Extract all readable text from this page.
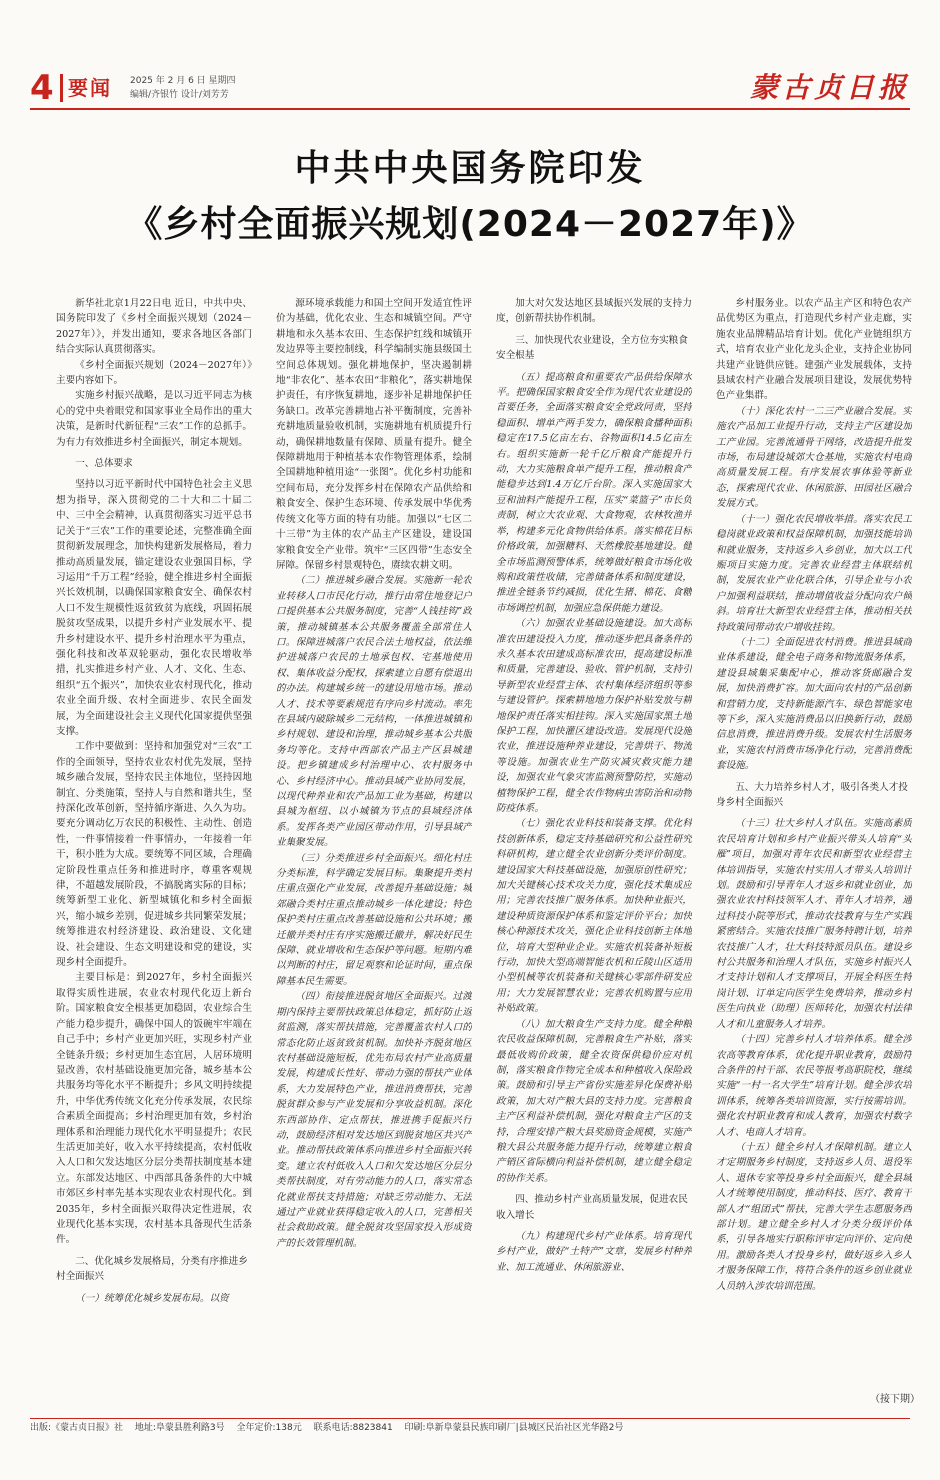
4 要闻 2025 年 2 月 6 日 星期四
编辑/齐银竹 设计/刘芳芳	蒙古贞日报
中共中央国务院印发
《乡村全面振兴规划(2024－2027年)》

新华社北京1月22日电 近日，中共中央、国务院印发了《乡村全面振兴规划（2024－2027年）》，并发出通知，要求各地区各部门结合实际认真贯彻落实。

《乡村全面振兴规划（2024－2027年）》主要内容如下。

实施乡村振兴战略，是以习近平同志为核心的党中央着眼党和国家事业全局作出的重大决策，是新时代新征程“三农”工作的总抓手。为有力有效推进乡村全面振兴，制定本规划。

一、总体要求

坚持以习近平新时代中国特色社会主义思想为指导，深入贯彻党的二十大和二十届二中、三中全会精神，认真贯彻落实习近平总书记关于“三农”工作的重要论述，完整准确全面贯彻新发展理念，加快构建新发展格局，着力推动高质量发展，锚定建设农业强国目标，学习运用“千万工程”经验，健全推进乡村全面振兴长效机制，以确保国家粮食安全、确保农村人口不发生规模性返贫致贫为底线，巩固拓展脱贫攻坚成果，以提升乡村产业发展水平、提升乡村建设水平、提升乡村治理水平为重点，强化科技和改革双轮驱动，强化农民增收举措，扎实推进乡村产业、人才、文化、生态、组织“五个振兴”，加快农业农村现代化，推动农业全面升级、农村全面进步、农民全面发展，为全面建设社会主义现代化国家提供坚强支撑。

工作中要做到：坚持和加强党对“三农”工作的全面领导，坚持农业农村优先发展，坚持城乡融合发展，坚持农民主体地位，坚持因地制宜、分类施策，坚持人与自然和谐共生，坚持深化改革创新，坚持循序渐进、久久为功。要充分调动亿万农民的积极性、主动性、创造性，一件事情接着一件事情办，一年接着一年干，积小胜为大成。要统筹不同区域，合理确定阶段性重点任务和推进时序，尊重客观规律，不超越发展阶段，不搞脱离实际的目标；统筹新型工业化、新型城镇化和乡村全面振兴，缩小城乡差别，促进城乡共同繁荣发展；统筹推进农村经济建设、政治建设、文化建设、社会建设、生态文明建设和党的建设，实现乡村全面提升。

主要目标是：到2027年，乡村全面振兴取得实质性进展，农业农村现代化迈上新台阶。国家粮食安全根基更加稳固，农业综合生产能力稳步提升，确保中国人的饭碗牢牢端在自己手中；乡村产业更加兴旺，实现乡村产业全链条升级；乡村更加生态宜居，人居环境明显改善，农村基础设施更加完备，城乡基本公共服务均等化水平不断提升；乡风文明持续提升，中华优秀传统文化充分传承发展，农民综合素质全面提高；乡村治理更加有效，乡村治理体系和治理能力现代化水平明显提升；农民生活更加美好，收入水平持续提高，农村低收入人口和欠发达地区分层分类帮扶制度基本建立。东部发达地区、中西部具备条件的大中城市郊区乡村率先基本实现农业农村现代化。到2035年，乡村全面振兴取得决定性进展，农业现代化基本实现，农村基本具备现代生活条件。

二、优化城乡发展格局，分类有序推进乡村全面振兴

（一）统筹优化城乡发展布局。以资

源环境承载能力和国土空间开发适宜性评价为基础，优化农业、生态和城镇空间。严守耕地和永久基本农田、生态保护红线和城镇开发边界等主要控制线，科学编制实施县级国土空间总体规划。强化耕地保护，坚决遏制耕地“非农化”、基本农田“非粮化”，落实耕地保护责任，有序恢复耕地，逐步补足耕地保护任务缺口。改革完善耕地占补平衡制度，完善补充耕地质量验收机制，实施耕地有机质提升行动，确保耕地数量有保障、质量有提升。健全保障耕地用于种植基本农作物管理体系，绘制全国耕地种植用途“一张图”。优化乡村功能和空间布局，充分发挥乡村在保障农产品供给和粮食安全、保护生态环境、传承发展中华优秀传统文化等方面的特有功能。加强以“七区二十三带”为主体的农产品主产区建设，建设国家粮食安全产业带。筑牢“三区四带”生态安全屏障。保留乡村景观特色，赓续农耕文明。

（二）推进城乡融合发展。实施新一轮农业转移人口市民化行动，推行由常住地登记户口提供基本公共服务制度，完善“人钱挂钩”政策，推动城镇基本公共服务覆盖全部常住人口。保障进城落户农民合法土地权益，依法维护进城落户农民的土地承包权、宅基地使用权、集体收益分配权，探索建立自愿有偿退出的办法。构建城乡统一的建设用地市场。推动人才、技术等要素规范有序向乡村流动。率先在县域内破除城乡二元结构，一体推进城镇和乡村规划、建设和治理，推动城乡基本公共服务均等化。支持中西部农产品主产区县城建设。把乡镇建成乡村治理中心、农村服务中心、乡村经济中心。推动县域产业协同发展，以现代种养业和农产品加工业为基础，构建以县城为枢纽、以小城镇为节点的县域经济体系。发挥各类产业园区带动作用，引导县域产业集聚发展。

（三）分类推进乡村全面振兴。细化村庄分类标准，科学确定发展目标。集聚提升类村庄重点强化产业发展，改善提升基础设施；城郊融合类村庄重点推动城乡一体化建设；特色保护类村庄重点改善基础设施和公共环境；搬迁撤并类村庄有序实施搬迁撤并，解决好民生保障、就业增收和生态保护等问题。短期内难以判断的村庄，留足观察和论证时间，重点保障基本民生需要。

（四）衔接推进脱贫地区全面振兴。过渡期内保持主要帮扶政策总体稳定，抓好防止返贫监测，落实帮扶措施，完善覆盖农村人口的常态化防止返贫致贫机制。加快补齐脱贫地区农村基础设施短板，优先布局农村产业高质量发展，构建成长性好、带动力强的帮扶产业体系，大力发展特色产业，推进消费帮扶，完善脱贫群众参与产业发展和分享收益机制。深化东西部协作、定点帮扶，推进携手促振兴行动，鼓励经济相对发达地区到脱贫地区共兴产业。推动帮扶政策体系向推进乡村全面振兴转变。建立农村低收入人口和欠发达地区分层分类帮扶制度，对有劳动能力的人口，落实常态化就业帮扶支持措施；对缺乏劳动能力、无法通过产业就业获得稳定收入的人口，完善相关社会救助政策。健全脱贫攻坚国家投入形成资产的长效管理机制。

加大对欠发达地区县域振兴发展的支持力度，创新帮扶协作机制。

三、加快现代农业建设，全方位夯实粮食安全根基

（五）提高粮食和重要农产品供给保障水平。把确保国家粮食安全作为现代农业建设的首要任务，全面落实粮食安全党政同责，坚持稳面积、增单产两手发力，确保粮食播种面积稳定在17.5亿亩左右、谷物面积14.5亿亩左右。组织实施新一轮千亿斤粮食产能提升行动，大力实施粮食单产提升工程，推动粮食产能稳步达到1.4万亿斤台阶。深入实施国家大豆和油料产能提升工程，压实“菜篮子”市长负责制，树立大农业观、大食物观，农林牧渔并举，构建多元化食物供给体系。落实棉花目标价格政策，加强糖料、天然橡胶基地建设。健全市场监测预警体系，统筹做好粮食市场化收购和政策性收储，完善储备体系和制度建设，推进全链条节约减损，优化生猪、棉花、食糖市场调控机制，加强应急保供能力建设。

（六）加强农业基础设施建设。加大高标准农田建设投入力度，推动逐步把具备条件的永久基本农田建成高标准农田，提高建设标准和质量，完善建设、验收、管护机制，支持引导新型农业经营主体、农村集体经济组织等参与建设管护。探索耕地地力保护补贴发放与耕地保护责任落实相挂钩。深入实施国家黑土地保护工程，加快灌区建设改造。发展现代设施农业，推进设施种养业建设，完善烘干、物流等设施。加强农业生产防灾减灾救灾能力建设，加强农业气象灾害监测预警防控，实施动植物保护工程，健全农作物病虫害防治和动物防疫体系。

（七）强化农业科技和装备支撑。优化科技创新体系，稳定支持基础研究和公益性研究科研机构，建立健全农业创新分类评价制度。建设国家大科技基础设施，加强原创性研究；加大关键核心技术攻关力度，强化技术集成应用；完善农技推广服务体系。加快种业振兴，建设种质资源保护体系和鉴定评价平台；加快核心种源技术攻关，强化企业科技创新主体地位，培育大型种业企业。实施农机装备补短板行动，加快大型高端智能农机和丘陵山区适用小型机械等农机装备和关键核心零部件研发应用；大力发展智慧农业；完善农机购置与应用补贴政策。

（八）加大粮食生产支持力度。健全种粮农民收益保障机制，完善粮食生产补贴，落实最低收购价政策，健全农资保供稳价应对机制，落实粮食作物完全成本和种植收入保险政策。鼓励和引导主产省份实施差异化保费补贴政策，加大对产粮大县的支持力度。完善粮食主产区利益补偿机制，强化对粮食主产区的支持，合理安排产粮大县奖励资金规模，实施产粮大县公共服务能力提升行动，统筹建立粮食产销区省际横向利益补偿机制，建立健全稳定的协作关系。

四、推动乡村产业高质量发展，促进农民收入增长

（九）构建现代乡村产业体系。培育现代乡村产业，做好“土特产”文章，发展乡村种养业、加工流通业、休闲旅游业、

乡村服务业。以农产品主产区和特色农产品优势区为重点，打造现代乡村产业走廊，实施农业品牌精品培育计划。优化产业链组织方式，培育农业产业化龙头企业，支持企业协同共建产业链供应链。建强产业发展载体，支持县域农村产业融合发展项目建设，发展优势特色产业集群。

（十）深化农村一二三产业融合发展。实施农产品加工业提升行动，支持主产区建设加工产业园。完善流通骨干网络，改造提升批发市场，布局建设城郊大仓基地，实施农村电商高质量发展工程。有序发展农事体验等新业态，探索现代农业、休闲旅游、田园社区融合发展方式。

（十一）强化农民增收举措。落实农民工稳岗就业政策和权益保障机制，加强技能培训和就业服务，支持返乡入乡创业，加大以工代赈项目实施力度。完善农业经营主体联结机制，发展农业产业化联合体，引导企业与小农户加强利益联结，推动增值收益分配向农户倾斜。培育壮大新型农业经营主体，推动相关扶持政策同带动农户增收挂钩。

（十二）全面促进农村消费。推进县域商业体系建设，健全电子商务和物流服务体系，建设县域集采集配中心，推动客货邮融合发展，加快消费扩容。加大面向农村的产品创新和营销力度，支持新能源汽车、绿色智能家电等下乡，深入实施消费品以旧换新行动，鼓励信息消费，推进消费升级。发展农村生活服务业，实施农村消费市场净化行动，完善消费配套设施。

五、大力培养乡村人才，吸引各类人才投身乡村全面振兴

（十三）壮大乡村人才队伍。实施高素质农民培育计划和乡村产业振兴带头人培育“头雁”项目，加强对青年农民和新型农业经营主体培训指导，实施农村实用人才带头人培训计划。鼓励和引导青年人才返乡和就业创业，加强农业农村科技领军人才、青年人才培养，通过科技小院等形式，推动农技教育与生产实践紧密结合。实施农技推广服务特聘计划，培养农技推广人才，壮大科技特派员队伍。建设乡村公共服务和治理人才队伍，实施乡村振兴人才支持计划和人才支撑项目，开展全科医生特岗计划、订单定向医学生免费培养，推动乡村医生向执业（助理）医师转化，加强农村法律人才和儿童服务人才培养。

（十四）完善乡村人才培养体系。健全涉农高等教育体系，优化提升职业教育，鼓励符合条件的村干部、农民等报考高职院校，继续实施“一村一名大学生”培育计划。健全涉农培训体系，统筹各类培训资源，实行按需培训。强化农村职业教育和成人教育，加强农村数字人才、电商人才培育。

（十五）健全乡村人才保障机制。建立人才定期服务乡村制度，支持返乡人员、退役军人、退休专家等投身乡村全面振兴，健全县域人才统筹使用制度，推动科技、医疗、教育干部人才“组团式”帮扶，完善大学生志愿服务西部计划。建立健全乡村人才分类分级评价体系，引导各地实行职称评审定向评价、定向使用。激励各类人才投身乡村，做好返乡入乡人才服务保障工作，将符合条件的返乡创业就业人员纳入涉农培训范围。

（接下期）
出版:《蒙古贞日报》社 　地址:阜蒙县胜利路3号 　全年定价:138元 　联系电话:8823841 　印刷:阜新阜蒙县民族印刷厂|县城区民治社区光华路2号
